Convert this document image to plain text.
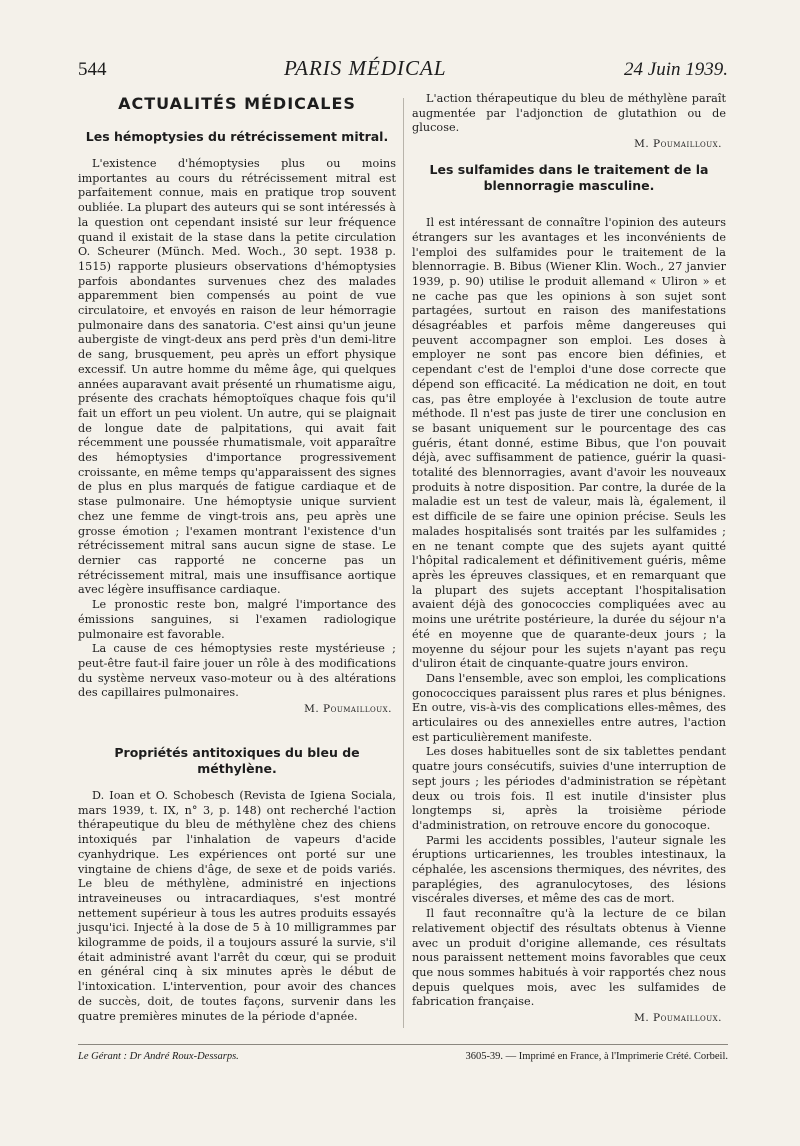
544	PARIS MÉDICAL	24 Juin 1939.
ACTUALITÉS MÉDICALES
Les hémoptysies du rétrécissement mitral.

L'existence d'hémoptysies plus ou moins importantes au cours du rétrécissement mitral est parfaitement connue, mais en pratique trop souvent oubliée. La plupart des auteurs qui se sont intéressés à la question ont cependant insisté sur leur fréquence quand il existait de la stase dans la petite circulation O. Scheurer (Münch. Med. Woch., 30 sept. 1938 p. 1515) rapporte plusieurs observations d'hémoptysies parfois abondantes survenues chez des malades apparemment bien compensés au point de vue circulatoire, et envoyés en raison de leur hémorragie pulmonaire dans des sanatoria. C'est ainsi qu'un jeune aubergiste de vingt-deux ans perd près d'un demi-litre de sang, brusquement, peu après un effort physique excessif. Un autre homme du même âge, qui quelques années auparavant avait présenté un rhumatisme aigu, présente des crachats hémoptoïques chaque fois qu'il fait un effort un peu violent. Un autre, qui se plaignait de longue date de palpitations, qui avait fait récemment une poussée rhumatismale, voit apparaître des hémoptysies d'importance progressivement croissante, en même temps qu'apparaissent des signes de plus en plus marqués de fatigue cardiaque et de stase pulmonaire. Une hémoptysie unique survient chez une femme de vingt-trois ans, peu après une grosse émotion ; l'examen montrant l'existence d'un rétrécissement mitral sans aucun signe de stase. Le dernier cas rapporté ne concerne pas un rétrécissement mitral, mais une insuffisance aortique avec légère insuffisance cardiaque.

Le pronostic reste bon, malgré l'importance des émissions sanguines, si l'examen radiologique pulmonaire est favorable.

La cause de ces hémoptysies reste mystérieuse ; peut-être faut-il faire jouer un rôle à des modifications du système nerveux vaso-moteur ou à des altérations des capillaires pulmonaires.

M. Poumailloux.
Propriétés antitoxiques du bleu de méthylène.

D. Ioan et O. Schobesch (Revista de Igiena Sociala, mars 1939, t. IX, n° 3, p. 148) ont recherché l'action thérapeutique du bleu de méthylène chez des chiens intoxiqués par l'inhalation de vapeurs d'acide cyanhydrique. Les expériences ont porté sur une vingtaine de chiens d'âge, de sexe et de poids variés. Le bleu de méthylène, administré en injections intraveineuses ou intracardiaques, s'est montré nettement supérieur à tous les autres produits essayés jusqu'ici. Injecté à la dose de 5 à 10 milligrammes par kilogramme de poids, il a toujours assuré la survie, s'il était administré avant l'arrêt du cœur, qui se produit en général cinq à six minutes après le début de l'intoxication. L'intervention, pour avoir des chances de succès, doit, de toutes façons, survenir dans les quatre premières minutes de la période d'apnée.

L'action thérapeutique du bleu de méthylène paraît augmentée par l'adjonction de glutathion ou de glucose.

M. Poumailloux.
Les sulfamides dans le traitement de la blennorragie masculine.

Il est intéressant de connaître l'opinion des auteurs étrangers sur les avantages et les inconvénients de l'emploi des sulfamides pour le traitement de la blennorragie. B. Bibus (Wiener Klin. Woch., 27 janvier 1939, p. 90) utilise le produit allemand « Uliron » et ne cache pas que les opinions à son sujet sont partagées, surtout en raison des manifestations désagréables et parfois même dangereuses qui peuvent accompagner son emploi. Les doses à employer ne sont pas encore bien définies, et cependant c'est de l'emploi d'une dose correcte que dépend son efficacité. La médication ne doit, en tout cas, pas être employée à l'exclusion de toute autre méthode. Il n'est pas juste de tirer une conclusion en se basant uniquement sur le pourcentage des cas guéris, étant donné, estime Bibus, que l'on pouvait déjà, avec suffisamment de patience, guérir la quasi-totalité des blennorragies, avant d'avoir les nouveaux produits à notre disposition. Par contre, la durée de la maladie est un test de valeur, mais là, également, il est difficile de se faire une opinion précise. Seuls les malades hospitalisés sont traités par les sulfamides ; en ne tenant compte que des sujets ayant quitté l'hôpital radicalement et définitivement guéris, même après les épreuves classiques, et en remarquant que la plupart des sujets acceptant l'hospitalisation avaient déjà des gonococcies compliquées avec au moins une urétrite postérieure, la durée du séjour n'a été en moyenne que de quarante-deux jours ; la moyenne du séjour pour les sujets n'ayant pas reçu d'uliron était de cinquante-quatre jours environ.

Dans l'ensemble, avec son emploi, les complications gonococciques paraissent plus rares et plus bénignes. En outre, vis-à-vis des complications elles-mêmes, des articulaires ou des annexielles entre autres, l'action est particulièrement manifeste.

Les doses habituelles sont de six tablettes pendant quatre jours consécutifs, suivies d'une interruption de sept jours ; les périodes d'administration se répètant deux ou trois fois. Il est inutile d'insister plus longtemps si, après la troisième période d'administration, on retrouve encore du gonocoque.

Parmi les accidents possibles, l'auteur signale les éruptions urticariennes, les troubles intestinaux, la céphalée, les ascensions thermiques, des névrites, des paraplégies, des agranulocytoses, des lésions viscérales diverses, et même des cas de mort.

Il faut reconnaître qu'à la lecture de ce bilan relativement objectif des résultats obtenus à Vienne avec un produit d'origine allemande, ces résultats nous paraissent nettement moins favorables que ceux que nous sommes habitués à voir rapportés chez nous depuis quelques mois, avec les sulfamides de fabrication française.

M. Poumailloux.
Le Gérant : Dr André Roux-Dessarps.	3605-39. — Imprimé en France, à l'Imprimerie Crété. Corbeil.
